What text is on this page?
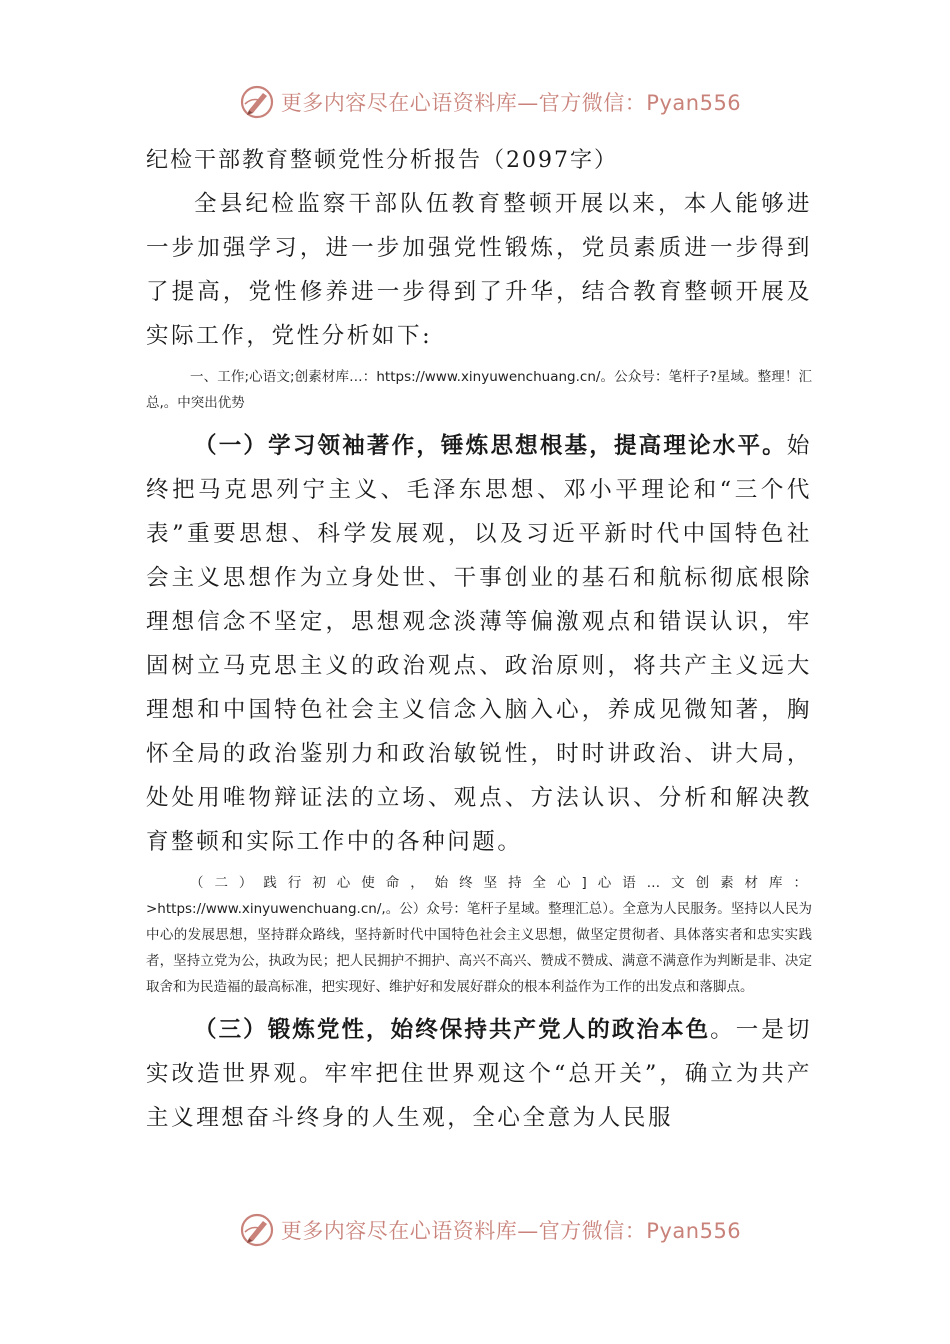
更多内容尽在心语资料库—官方微信：Pyan556

纪检干部教育整顿党性分析报告（2097字）

全县纪检监察干部队伍教育整顿开展以来，本人能够进一步加强学习，进一步加强党性锻炼，党员素质进一步得到了提高，党性修养进一步得到了升华，结合教育整顿开展及实际工作，党性分析如下:

一、工作;心语文;创素材库…：https://www.xinyuwenchuang.cn/。公众号：笔杆子?星域。整理！汇总,。中突出优势

（一）学习领袖著作，锤炼思想根基，提高理论水平。始终把马克思列宁主义、毛泽东思想、邓小平理论和“三个代表”重要思想、科学发展观，以及习近平新时代中国特色社会主义思想作为立身处世、干事创业的基石和航标彻底根除理想信念不坚定，思想观念淡薄等偏激观点和错误认识，牢固树立马克思主义的政治观点、政治原则，将共产主义远大理想和中国特色社会主义信念入脑入心，养成见微知著，胸怀全局的政治鉴别力和政治敏锐性，时时讲政治、讲大局，处处用唯物辩证法的立场、观点、方法认识、分析和解决教育整顿和实际工作中的各种问题。

（二）践行初心使命，始终坚持全心]心语…文创素材库：>https://www.xinyuwenchuang.cn/,。公）众号：笔杆子星域。整理汇总）。全意为人民服务。坚持以人民为中心的发展思想，坚持群众路线，坚持新时代中国特色社会主义思想，做坚定贯彻者、具体落实者和忠实实践者，坚持立党为公，执政为民；把人民拥护不拥护、高兴不高兴、赞成不赞成、满意不满意作为判断是非、决定取舍和为民造福的最高标准，把实现好、维护好和发展好群众的根本利益作为工作的出发点和落脚点。

（三）锻炼党性，始终保持共产党人的政治本色。一是切实改造世界观。牢牢把住世界观这个“总开关”，确立为共产主义理想奋斗终身的人生观，全心全意为人民服

更多内容尽在心语资料库—官方微信：Pyan556
